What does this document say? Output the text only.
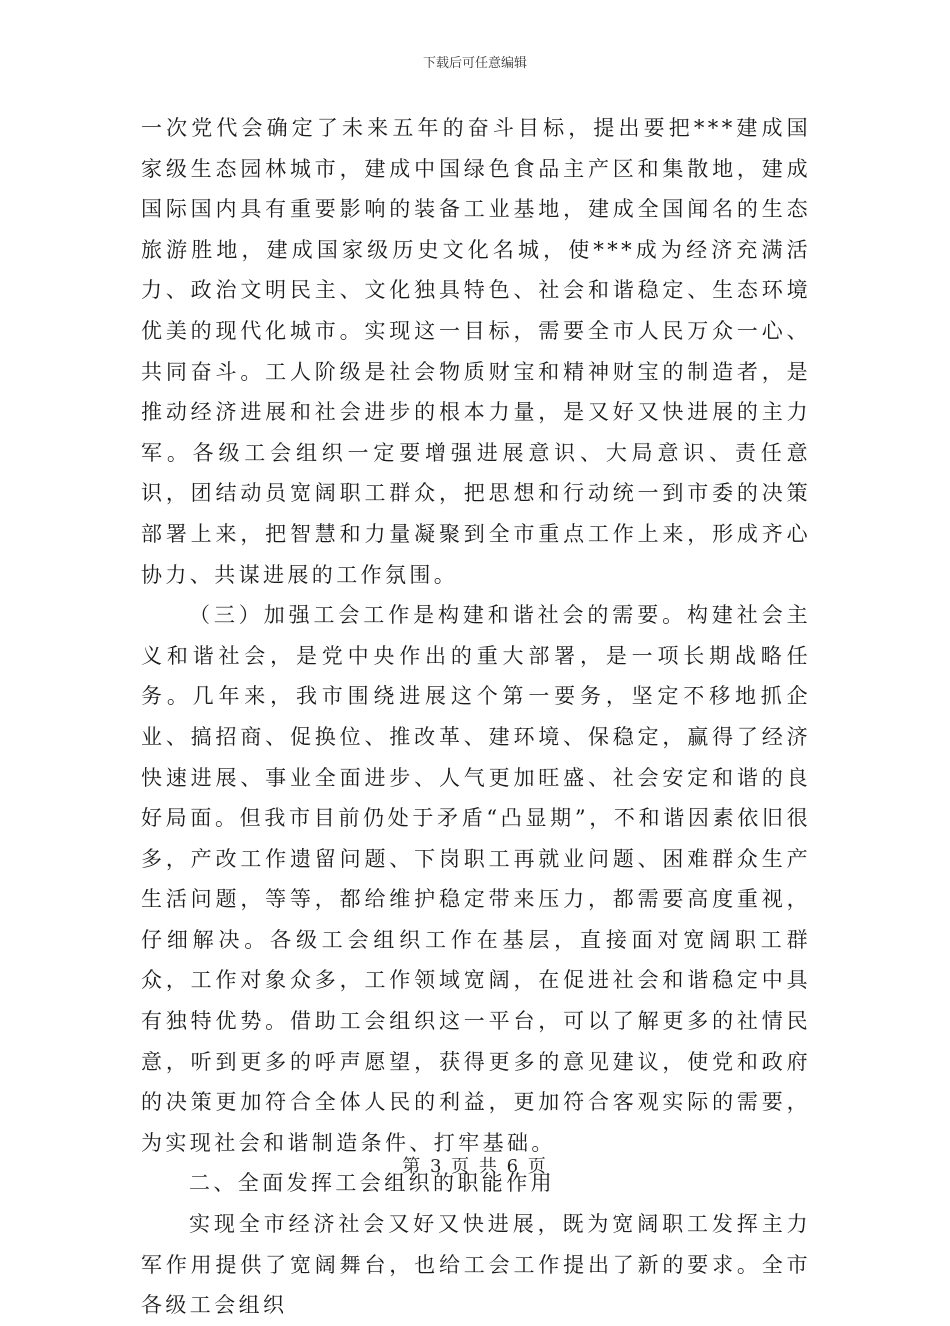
下载后可任意编辑

一次党代会确定了未来五年的奋斗目标，提出要把***建成国家级生态园林城市，建成中国绿色食品主产区和集散地，建成国际国内具有重要影响的装备工业基地，建成全国闻名的生态旅游胜地，建成国家级历史文化名城，使***成为经济充满活力、政治文明民主、文化独具特色、社会和谐稳定、生态环境优美的现代化城市。实现这一目标，需要全市人民万众一心、共同奋斗。工人阶级是社会物质财宝和精神财宝的制造者，是推动经济进展和社会进步的根本力量，是又好又快进展的主力军。各级工会组织一定要增强进展意识、大局意识、责任意识，团结动员宽阔职工群众，把思想和行动统一到市委的决策部署上来，把智慧和力量凝聚到全市重点工作上来，形成齐心协力、共谋进展的工作氛围。

（三）加强工会工作是构建和谐社会的需要。构建社会主义和谐社会，是党中央作出的重大部署，是一项长期战略任务。几年来，我市围绕进展这个第一要务，坚定不移地抓企业、搞招商、促换位、推改革、建环境、保稳定，赢得了经济快速进展、事业全面进步、人气更加旺盛、社会安定和谐的良好局面。但我市目前仍处于矛盾“凸显期”，不和谐因素依旧很多，产改工作遗留问题、下岗职工再就业问题、困难群众生产生活问题，等等，都给维护稳定带来压力，都需要高度重视，仔细解决。各级工会组织工作在基层，直接面对宽阔职工群众，工作对象众多，工作领域宽阔，在促进社会和谐稳定中具有独特优势。借助工会组织这一平台，可以了解更多的社情民意，听到更多的呼声愿望，获得更多的意见建议，使党和政府的决策更加符合全体人民的利益，更加符合客观实际的需要，为实现社会和谐制造条件、打牢基础。

二、全面发挥工会组织的职能作用

实现全市经济社会又好又快进展，既为宽阔职工发挥主力军作用提供了宽阔舞台，也给工会工作提出了新的要求。全市各级工会组织

第 3 页 共 6 页
